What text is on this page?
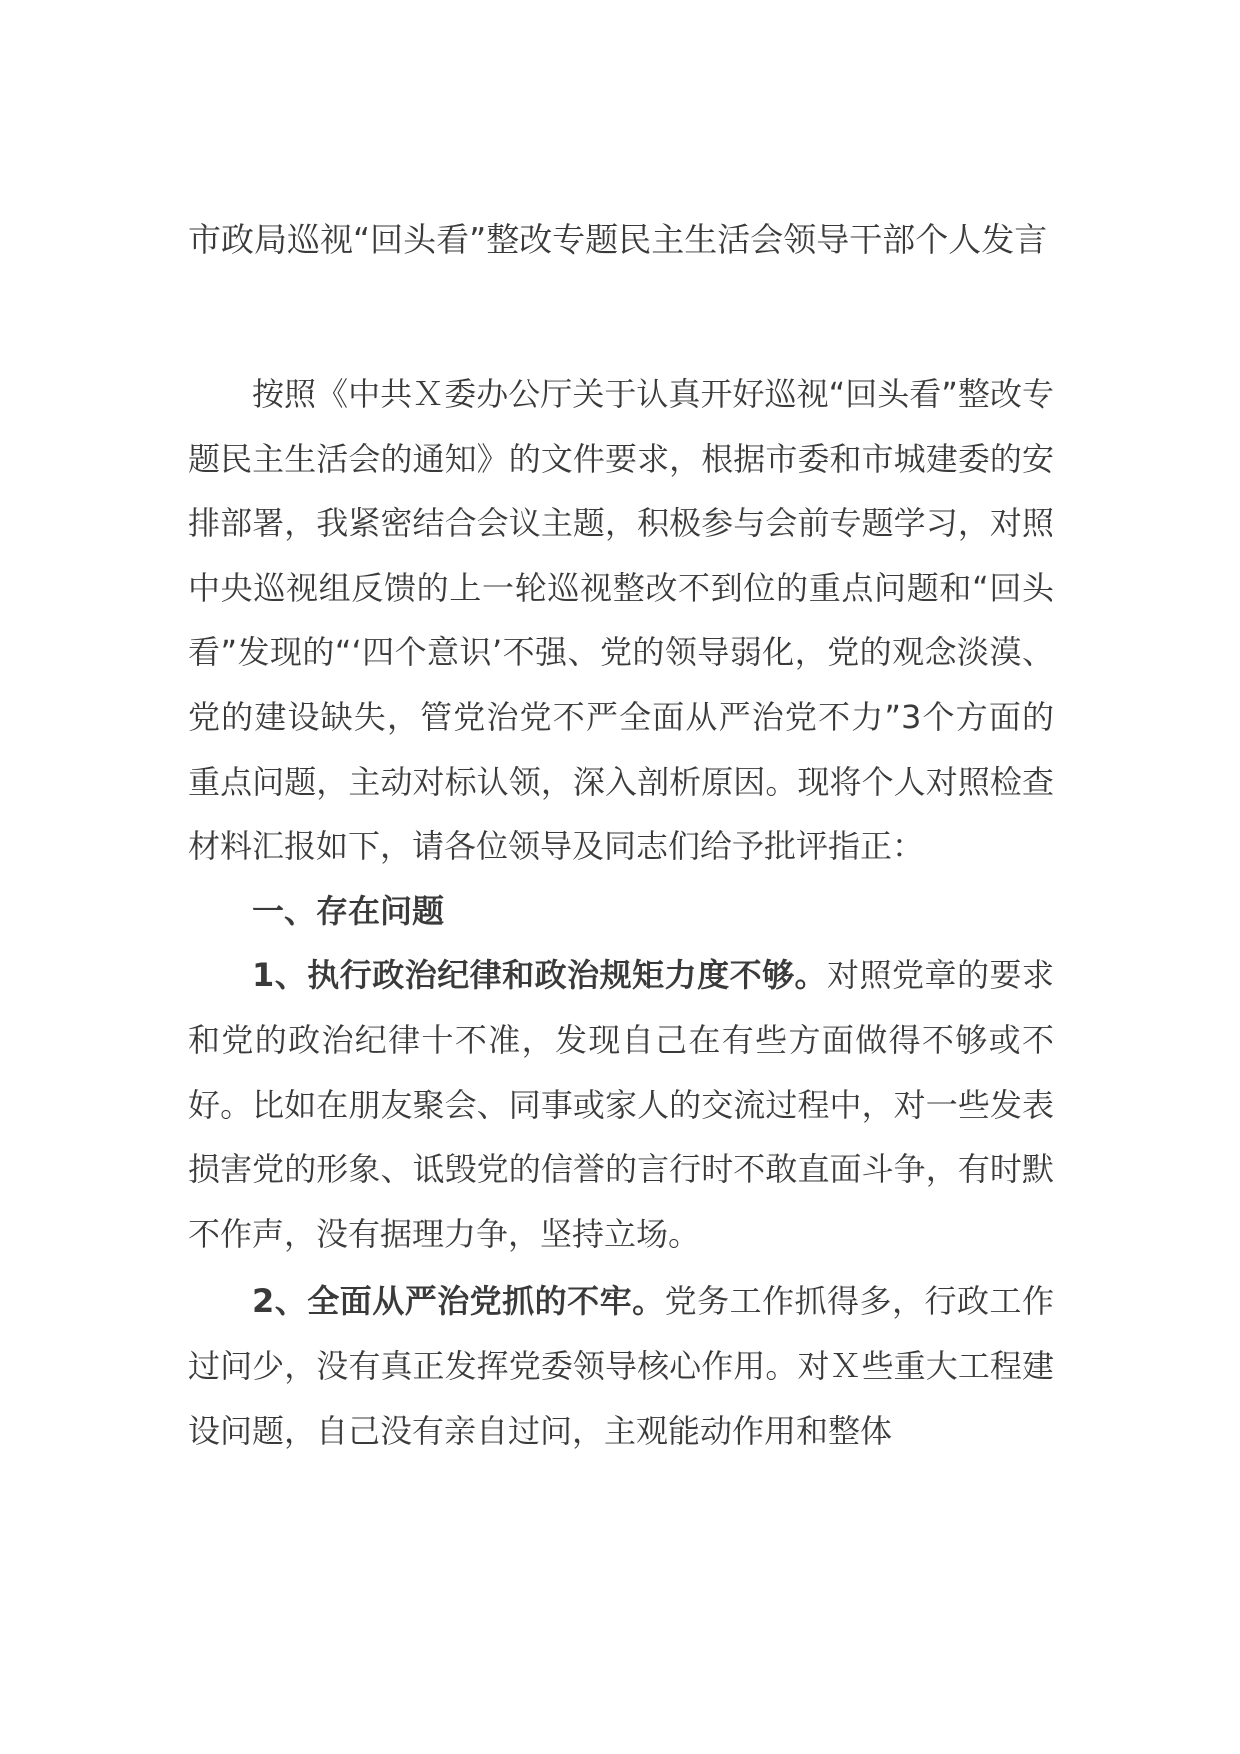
市政局巡视“回头看”整改专题民主生活会领导干部个人发言

按照《中共Ｘ委办公厅关于认真开好巡视“回头看”整改专题民主生活会的通知》的文件要求，根据市委和市城建委的安排部署，我紧密结合会议主题，积极参与会前专题学习，对照中央巡视组反馈的上一轮巡视整改不到位的重点问题和“回头看”发现的“‘四个意识’不强、党的领导弱化，党的观念淡漠、党的建设缺失，管党治党不严全面从严治党不力”3个方面的重点问题，主动对标认领，深入剖析原因。现将个人对照检查材料汇报如下，请各位领导及同志们给予批评指正：

一、存在问题

1、执行政治纪律和政治规矩力度不够。对照党章的要求和党的政治纪律十不准，发现自己在有些方面做得不够或不好。比如在朋友聚会、同事或家人的交流过程中，对一些发表损害党的形象、诋毁党的信誉的言行时不敢直面斗争，有时默不作声，没有据理力争，坚持立场。

2、全面从严治党抓的不牢。党务工作抓得多，行政工作过问少，没有真正发挥党委领导核心作用。对Ｘ些重大工程建设问题，自己没有亲自过问，主观能动作用和整体
